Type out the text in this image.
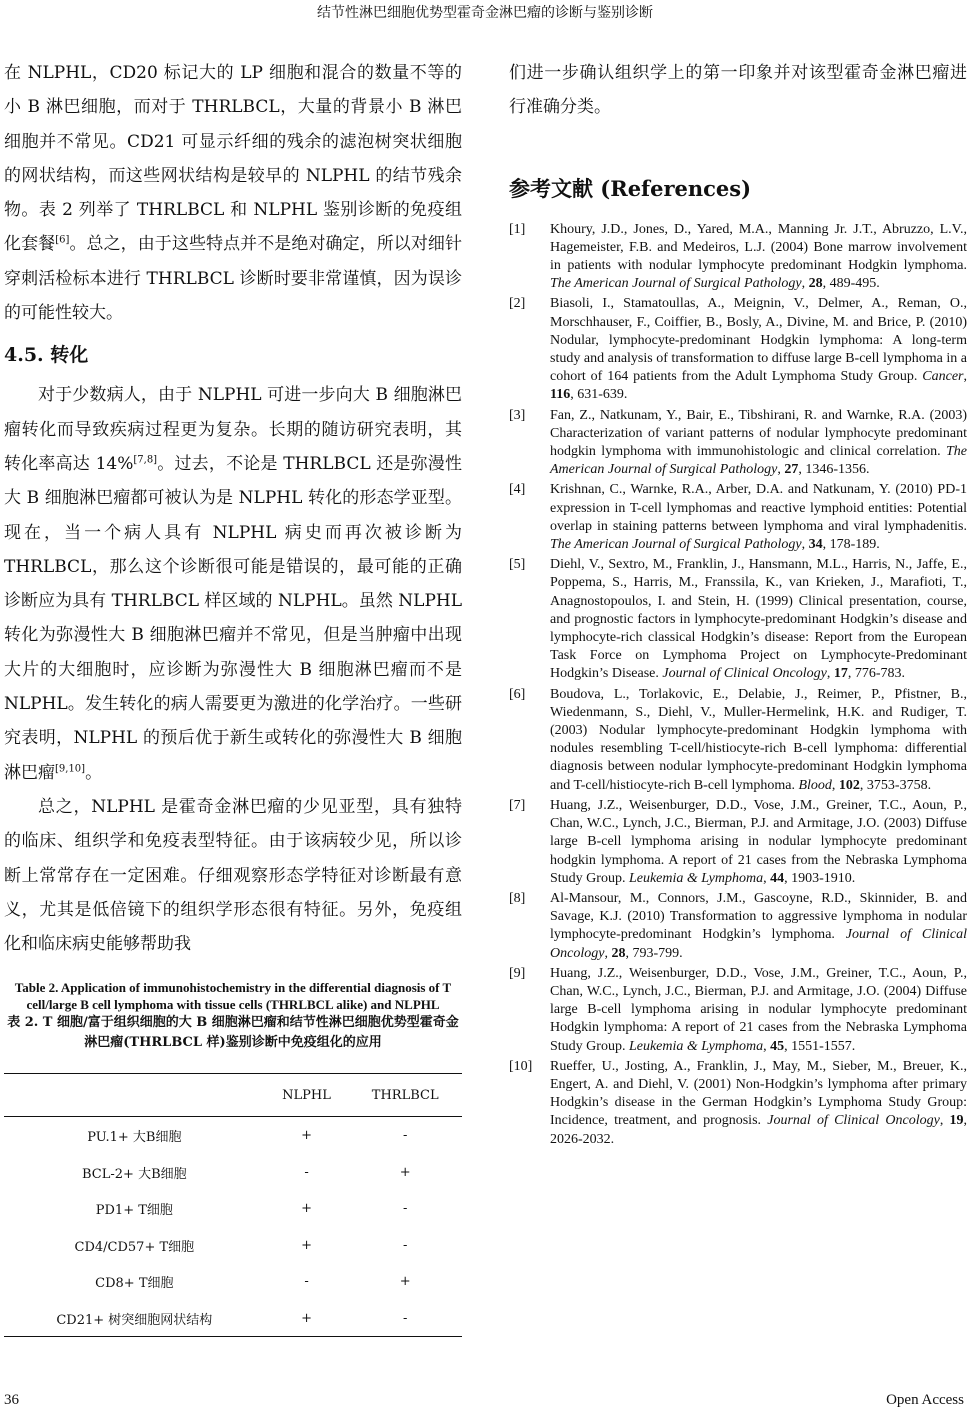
结节性淋巴细胞优势型霍奇金淋巴瘤的诊断与鉴别诊断

在 NLPHL，CD20 标记大的 LP 细胞和混合的数量不等的小 B 淋巴细胞，而对于 THRLBCL，大量的背景小 B 淋巴细胞并不常见。CD21 可显示纤细的残余的滤泡树突状细胞的网状结构，而这些网状结构是较早的 NLPHL 的结节残余物。表 2 列举了 THRLBCL 和 NLPHL 鉴别诊断的免疫组化套餐[6]。总之，由于这些特点并不是绝对确定，所以对细针穿刺活检标本进行 THRLBCL 诊断时要非常谨慎，因为误诊的可能性较大。

4.5. 转化

对于少数病人，由于 NLPHL 可进一步向大 B 细胞淋巴瘤转化而导致疾病过程更为复杂。长期的随访研究表明，其转化率高达 14%[7,8]。过去，不论是 THRLBCL 还是弥漫性大 B 细胞淋巴瘤都可被认为是 NLPHL 转化的形态学亚型。现在，当一个病人具有 NLPHL 病史而再次被诊断为 THRLBCL，那么这个诊断很可能是错误的，最可能的正确诊断应为具有 THRLBCL 样区域的 NLPHL。虽然 NLPHL 转化为弥漫性大 B 细胞淋巴瘤并不常见，但是当肿瘤中出现大片的大细胞时，应诊断为弥漫性大 B 细胞淋巴瘤而不是 NLPHL。发生转化的病人需要更为激进的化学治疗。一些研究表明，NLPHL 的预后优于新生或转化的弥漫性大 B 细胞淋巴瘤[9,10]。

总之，NLPHL 是霍奇金淋巴瘤的少见亚型，具有独特的临床、组织学和免疫表型特征。由于该病较少见，所以诊断上常常存在一定困难。仔细观察形态学特征对诊断最有意义，尤其是低倍镜下的组织学形态很有特征。另外，免疫组化和临床病史能够帮助我

Table 2. Application of immunohistochemistry in the differential diagnosis of T cell/large B cell lymphoma with tissue cells (THRLBCL alike) and NLPHL
表 2. T 细胞/富于组织细胞的大 B 细胞淋巴瘤和结节性淋巴细胞优势型霍奇金淋巴瘤(THRLBCL 样)鉴别诊断中免疫组化的应用
	NLPHL	THRLBCL
PU.1+ 大B细胞	+	-
BCL-2+ 大B细胞	-	+
PD1+ T细胞	+	-
CD4/CD57+ T细胞	+	-
CD8+ T细胞	-	+
CD21+ 树突细胞网状结构	+	-

们进一步确认组织学上的第一印象并对该型霍奇金淋巴瘤进行准确分类。

参考文献 (References)
[1]	Khoury, J.D., Jones, D., Yared, M.A., Manning Jr. J.T., Abruzzo, L.V., Hagemeister, F.B. and Medeiros, L.J. (2004) Bone marrow involvement in patients with nodular lymphocyte predominant Hodgkin lymphoma. The American Journal of Surgical Pathology, 28, 489-495.
[2]	Biasoli, I., Stamatoullas, A., Meignin, V., Delmer, A., Reman, O., Morschhauser, F., Coiffier, B., Bosly, A., Divine, M. and Brice, P. (2010) Nodular, lymphocyte-predominant Hodgkin lymphoma: A long-term study and analysis of transformation to diffuse large B-cell lymphoma in a cohort of 164 patients from the Adult Lymphoma Study Group. Cancer, 116, 631-639.
[3]	Fan, Z., Natkunam, Y., Bair, E., Tibshirani, R. and Warnke, R.A. (2003) Characterization of variant patterns of nodular lymphocyte predominant hodgkin lymphoma with immunohistologic and clinical correlation. The American Journal of Surgical Pathology, 27, 1346-1356.
[4]	Krishnan, C., Warnke, R.A., Arber, D.A. and Natkunam, Y. (2010) PD-1 expression in T-cell lymphomas and reactive lymphoid entities: Potential overlap in staining patterns between lymphoma and viral lymphadenitis. The American Journal of Surgical Pathology, 34, 178-189.
[5]	Diehl, V., Sextro, M., Franklin, J., Hansmann, M.L., Harris, N., Jaffe, E., Poppema, S., Harris, M., Franssila, K., van Krieken, J., Marafioti, T., Anagnostopoulos, I. and Stein, H. (1999) Clinical presentation, course, and prognostic factors in lymphocyte-predominant Hodgkin’s disease and lymphocyte-rich classical Hodgkin’s disease: Report from the European Task Force on Lymphoma Project on Lymphocyte-Predominant Hodgkin’s Disease. Journal of Clinical Oncology, 17, 776-783.
[6]	Boudova, L., Torlakovic, E., Delabie, J., Reimer, P., Pfistner, B., Wiedenmann, S., Diehl, V., Muller-Hermelink, H.K. and Rudiger, T. (2003) Nodular lymphocyte-predominant Hodgkin lymphoma with nodules resembling T-cell/histiocyte-rich B-cell lymphoma: differential diagnosis between nodular lymphocyte-predominant Hodgkin lymphoma and T-cell/histiocyte-rich B-cell lymphoma. Blood, 102, 3753-3758.
[7]	Huang, J.Z., Weisenburger, D.D., Vose, J.M., Greiner, T.C., Aoun, P., Chan, W.C., Lynch, J.C., Bierman, P.J. and Armitage, J.O. (2003) Diffuse large B-cell lymphoma arising in nodular lymphocyte predominant hodgkin lymphoma. A report of 21 cases from the Nebraska Lymphoma Study Group. Leukemia & Lymphoma, 44, 1903-1910.
[8]	Al-Mansour, M., Connors, J.M., Gascoyne, R.D., Skinnider, B. and Savage, K.J. (2010) Transformation to aggressive lymphoma in nodular lymphocyte-predominant Hodgkin’s lymphoma. Journal of Clinical Oncology, 28, 793-799.
[9]	Huang, J.Z., Weisenburger, D.D., Vose, J.M., Greiner, T.C., Aoun, P., Chan, W.C., Lynch, J.C., Bierman, P.J. and Armitage, J.O. (2004) Diffuse large B-cell lymphoma arising in nodular lymphocyte predominant Hodgkin lymphoma: A report of 21 cases from the Nebraska Lymphoma Study Group. Leukemia & Lymphoma, 45, 1551-1557.
[10]	Rueffer, U., Josting, A., Franklin, J., May, M., Sieber, M., Breuer, K., Engert, A. and Diehl, V. (2001) Non-Hodgkin’s lymphoma after primary Hodgkin’s disease in the German Hodgkin’s Lymphoma Study Group: Incidence, treatment, and prognosis. Journal of Clinical Oncology, 19, 2026-2032.
36	Open Access
